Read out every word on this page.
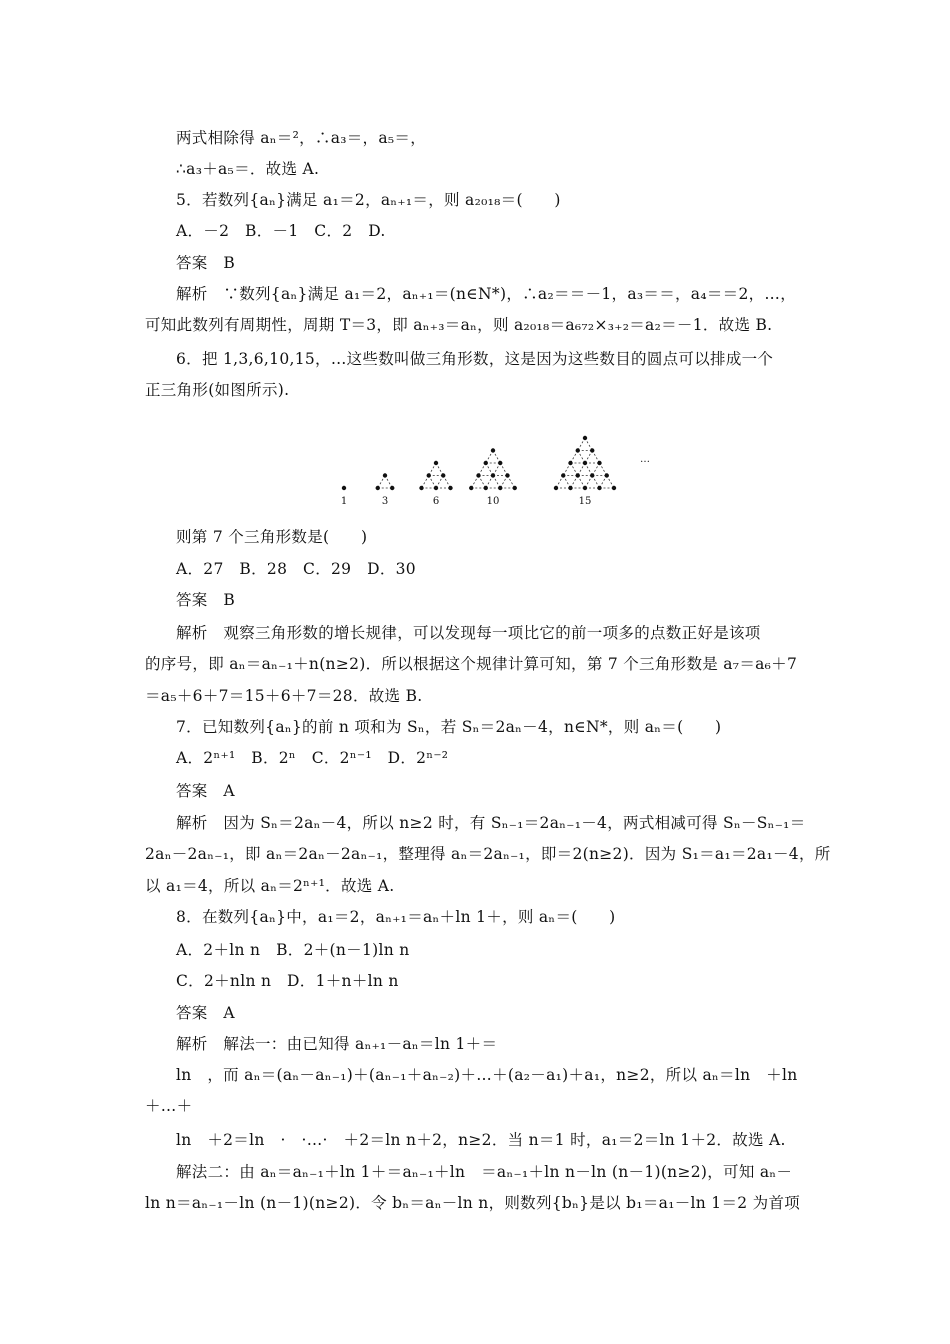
两式相除得 aₙ＝²，∴a₃＝，a₅＝，
∴a₃＋a₅＝．故选 A.
5．若数列{aₙ}满足 a₁＝2，aₙ₊₁＝，则 a₂₀₁₈＝(　　)
A．－2　B．－1　C．2　D.
答案　B
解析　∵数列{aₙ}满足 a₁＝2，aₙ₊₁＝(n∈N*)，∴a₂＝＝－1，a₃＝＝，a₄＝＝2，…，
可知此数列有周期性，周期 T＝3，即 aₙ₊₃＝aₙ，则 a₂₀₁₈＝a₆₇₂×₃₊₂＝a₂＝－1．故选 B.
6．把 1,3,6,10,15，…这些数叫做三角形数，这是因为这些数目的圆点可以排成一个
正三角形(如图所示).
1	3	6	10	15
…
则第 7 个三角形数是(　　)
A．27　B．28　C．29　D．30
答案　B
解析　观察三角形数的增长规律，可以发现每一项比它的前一项多的点数正好是该项
的序号，即 aₙ＝aₙ₋₁＋n(n≥2)．所以根据这个规律计算可知，第 7 个三角形数是 a₇＝a₆＋7
＝a₅＋6＋7＝15＋6＋7＝28．故选 B.
7．已知数列{aₙ}的前 n 项和为 Sₙ，若 Sₙ＝2aₙ－4，n∈N*，则 aₙ＝(　　)
A．2ⁿ⁺¹　B．2ⁿ　C．2ⁿ⁻¹　D．2ⁿ⁻²
答案　A
解析　因为 Sₙ＝2aₙ－4，所以 n≥2 时，有 Sₙ₋₁＝2aₙ₋₁－4，两式相减可得 Sₙ－Sₙ₋₁＝
2aₙ－2aₙ₋₁，即 aₙ＝2aₙ－2aₙ₋₁，整理得 aₙ＝2aₙ₋₁，即＝2(n≥2)．因为 S₁＝a₁＝2a₁－4，所
以 a₁＝4，所以 aₙ＝2ⁿ⁺¹．故选 A.
8．在数列{aₙ}中，a₁＝2，aₙ₊₁＝aₙ＋ln 1＋，则 aₙ＝(　　)
A．2＋ln n　B．2＋(n－1)ln n
C．2＋nln n　D．1＋n＋ln n
答案　A
解析　解法一：由已知得 aₙ₊₁－aₙ＝ln 1＋＝
ln　，而 aₙ＝(aₙ－aₙ₋₁)＋(aₙ₋₁＋aₙ₋₂)＋…＋(a₂－a₁)＋a₁，n≥2，所以 aₙ＝ln　＋ln
＋…＋
ln　＋2＝ln　·　·…·　＋2＝ln n＋2，n≥2．当 n＝1 时，a₁＝2＝ln 1＋2．故选 A.
解法二：由 aₙ＝aₙ₋₁＋ln 1＋＝aₙ₋₁＋ln　＝aₙ₋₁＋ln n－ln (n－1)(n≥2)，可知 aₙ－
ln n＝aₙ₋₁－ln (n－1)(n≥2)．令 bₙ＝aₙ－ln n，则数列{bₙ}是以 b₁＝a₁－ln 1＝2 为首项
